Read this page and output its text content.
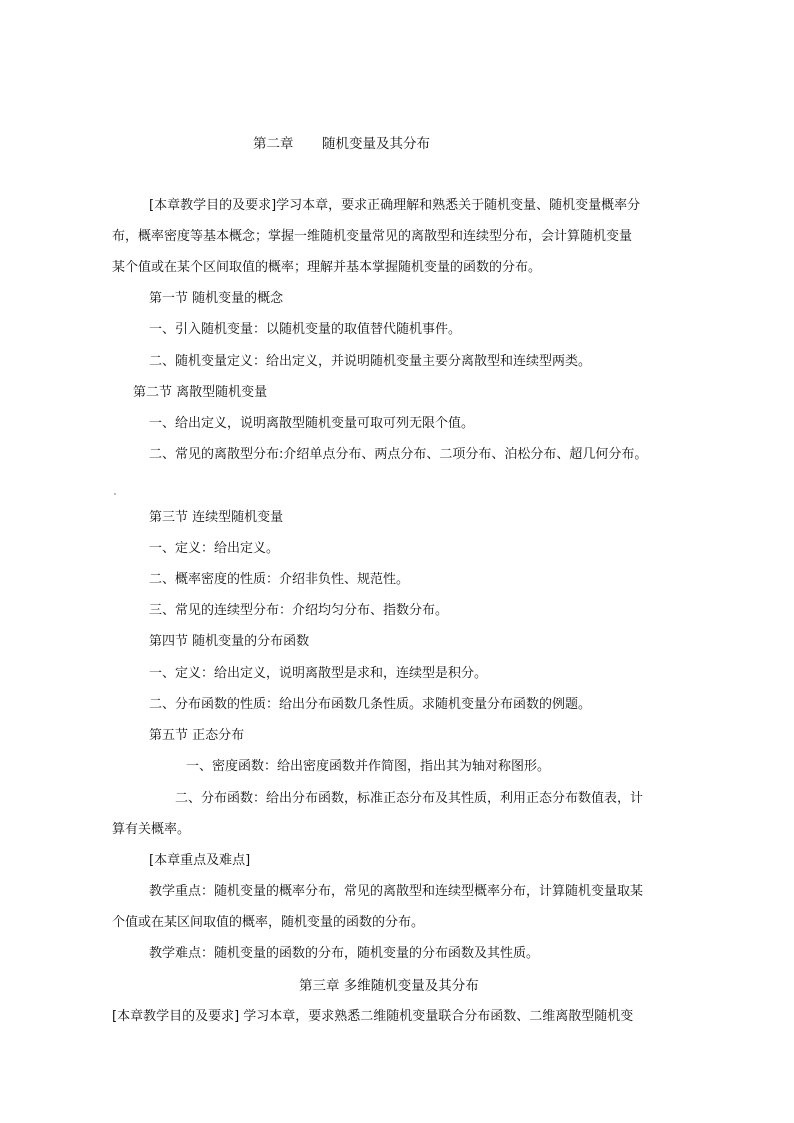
第二章 随机变量及其分布
[本章教学目的及要求]学习本章，要求正确理解和熟悉关于随机变量、随机变量概率分
布，概率密度等基本概念；掌握一维随机变量常见的离散型和连续型分布，会计算随机变量
某个值或在某个区间取值的概率；理解并基本掌握随机变量的函数的分布。
第一节 随机变量的概念
一、引入随机变量：以随机变量的取值替代随机事件。
二、随机变量定义：给出定义，并说明随机变量主要分离散型和连续型两类。
第二节 离散型随机变量
一、给出定义，说明离散型随机变量可取可列无限个值。
二、常见的离散型分布:介绍单点分布、两点分布、二项分布、泊松分布、超几何分布。
第三节 连续型随机变量
一、定义：给出定义。
二、概率密度的性质：介绍非负性、规范性。
三、常见的连续型分布：介绍均匀分布、指数分布。
第四节 随机变量的分布函数
一、定义：给出定义，说明离散型是求和，连续型是积分。
二、分布函数的性质：给出分布函数几条性质。求随机变量分布函数的例题。
第五节 正态分布
一、密度函数：给出密度函数并作简图，指出其为轴对称图形。
二、分布函数：给出分布函数，标准正态分布及其性质，利用正态分布数值表，计
算有关概率。
[本章重点及难点]
教学重点：随机变量的概率分布，常见的离散型和连续型概率分布，计算随机变量取某
个值或在某区间取值的概率，随机变量的函数的分布。
教学难点：随机变量的函数的分布，随机变量的分布函数及其性质。
第三章 多维随机变量及其分布
[本章教学目的及要求] 学习本章，要求熟悉二维随机变量联合分布函数、二维离散型随机变
